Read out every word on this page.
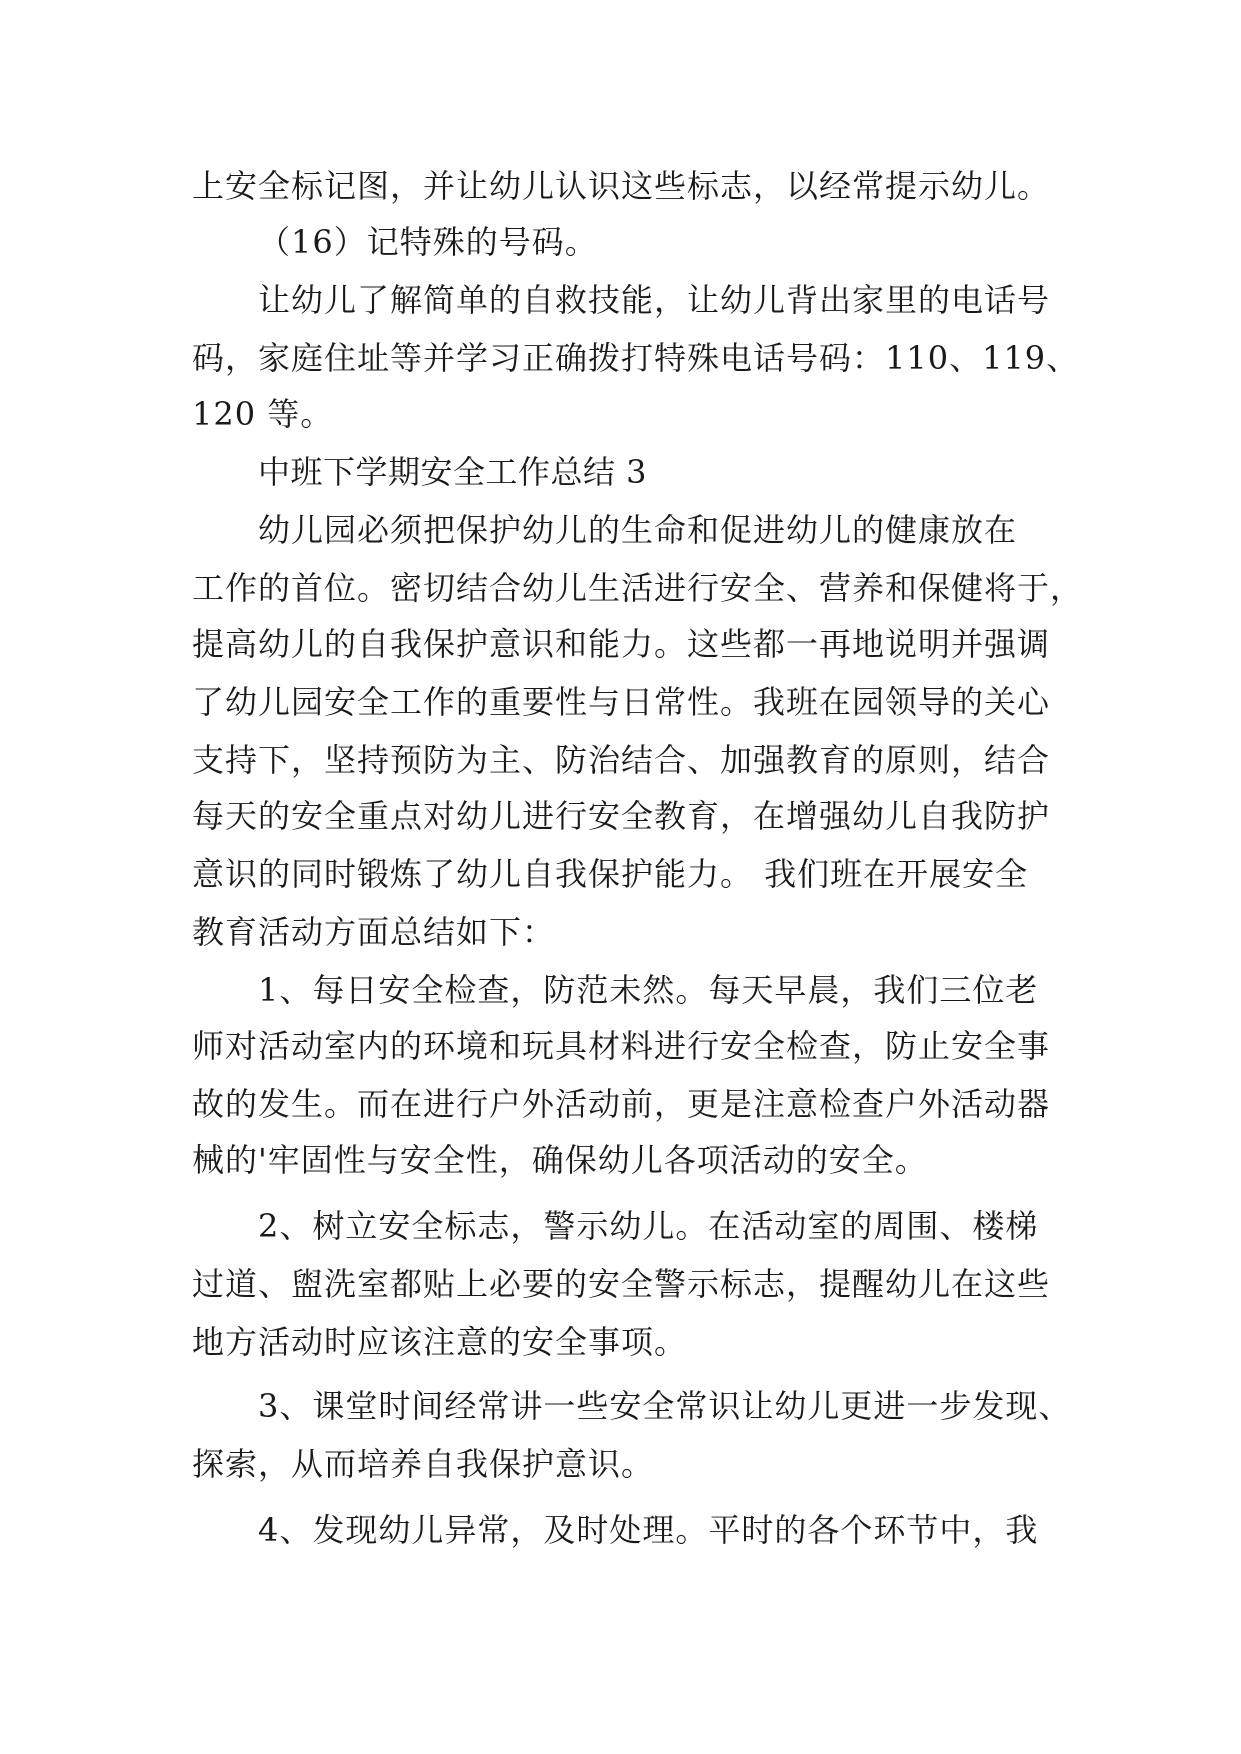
上安全标记图，并让幼儿认识这些标志，以经常提示幼儿。
（16）记特殊的号码。
让幼儿了解简单的自救技能，让幼儿背出家里的电话号
码，家庭住址等并学习正确拨打特殊电话号码：110、119、
120 等。
中班下学期安全工作总结 3
幼儿园必须把保护幼儿的生命和促进幼儿的健康放在
工作的首位。密切结合幼儿生活进行安全、营养和保健将于，
提高幼儿的自我保护意识和能力。这些都一再地说明并强调
了幼儿园安全工作的重要性与日常性。我班在园领导的关心
支持下，坚持预防为主、防治结合、加强教育的原则，结合
每天的安全重点对幼儿进行安全教育，在增强幼儿自我防护
意识的同时锻炼了幼儿自我保护能力。 我们班在开展安全
教育活动方面总结如下：
1、每日安全检查，防范未然。每天早晨，我们三位老
师对活动室内的环境和玩具材料进行安全检查，防止安全事
故的发生。而在进行户外活动前，更是注意检查户外活动器
械的'牢固性与安全性，确保幼儿各项活动的安全。
2、树立安全标志，警示幼儿。在活动室的周围、楼梯
过道、盥洗室都贴上必要的安全警示标志，提醒幼儿在这些
地方活动时应该注意的安全事项。
3、课堂时间经常讲一些安全常识让幼儿更进一步发现、
探索，从而培养自我保护意识。
4、发现幼儿异常，及时处理。平时的各个环节中，我
